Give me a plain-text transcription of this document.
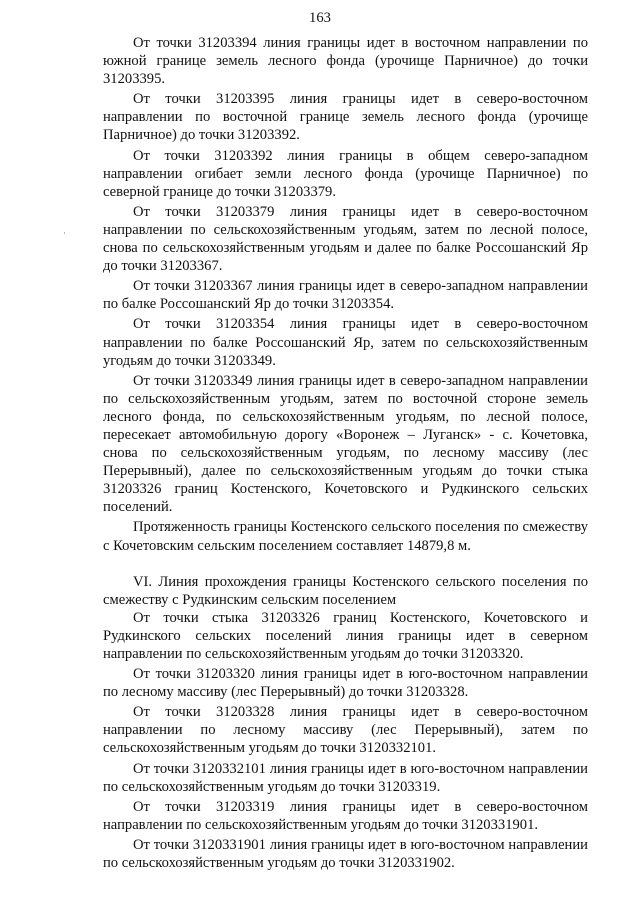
163

От точки 31203394 линия границы идет в восточном направлении по южной границе земель лесного фонда (урочище Парничное) до точки 31203395.

От точки 31203395 линия границы идет в северо-восточном направлении по восточной границе земель лесного фонда (урочище Парничное) до точки 31203392.

От точки 31203392 линия границы в общем северо-западном направлении огибает земли лесного фонда (урочище Парничное) по северной границе до точки 31203379.

От точки 31203379 линия границы идет в северо-восточном направлении по сельскохозяйственным угодьям, затем по лесной полосе, снова по сельскохозяйственным угодьям и далее по балке Россошанский Яр до точки 31203367.

От точки 31203367 линия границы идет в северо-западном направлении по балке Россошанский Яр до точки 31203354.

От точки 31203354 линия границы идет в северо-восточном направлении по балке Россошанский Яр, затем по сельскохозяйственным угодьям до точки 31203349.

От точки 31203349 линия границы идет в северо-западном направлении по сельскохозяйственным угодьям, затем по восточной стороне земель лесного фонда, по сельскохозяйственным угодьям, по лесной полосе, пересекает автомобильную дорогу «Воронеж – Луганск» - с. Кочетовка, снова по сельскохозяйственным угодьям, по лесному массиву (лес Перерывный), далее по сельскохозяйственным угодьям до точки стыка 31203326 границ Костенского, Кочетовского и Рудкинского сельских поселений.

Протяженность границы Костенского сельского поселения по смежеству с Кочетовским сельским поселением составляет 14879,8 м.

VI. Линия прохождения границы Костенского сельского поселения по смежеству с Рудкинским сельским поселением

От точки стыка 31203326 границ Костенского, Кочетовского и Рудкинского сельских поселений линия границы идет в северном направлении по сельскохозяйственным угодьям до точки 31203320.

От точки 31203320 линия границы идет в юго-восточном направлении по лесному массиву (лес Перерывный) до точки 31203328.

От точки 31203328 линия границы идет в северо-восточном направлении по лесному массиву (лес Перерывный), затем по сельскохозяйственным угодьям до точки 3120332101.

От точки 3120332101 линия границы идет в юго-восточном направлении по сельскохозяйственным угодьям до точки 31203319.

От точки 31203319 линия границы идет в северо-восточном направлении по сельскохозяйственным угодьям до точки 3120331901.

От точки 3120331901 линия границы идет в юго-восточном направлении по сельскохозяйственным угодьям до точки 3120331902.
